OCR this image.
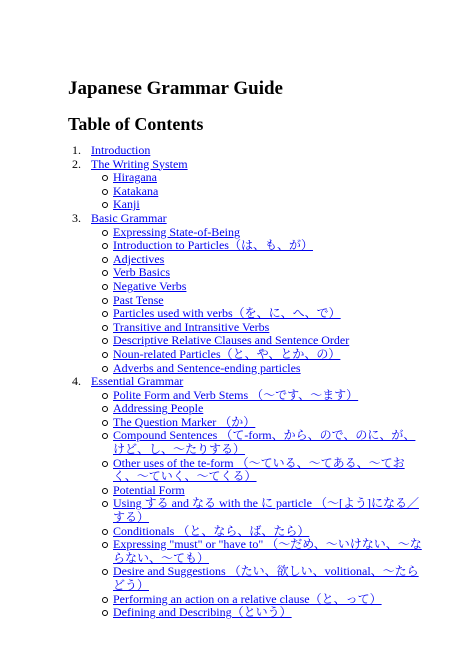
Japanese Grammar Guide
Table of Contents
1. Introduction
2. The Writing System
Hiragana
Katakana
Kanji
3. Basic Grammar
Expressing State-of-Being
Introduction to Particles（は、も、が）
Adjectives
Verb Basics
Negative Verbs
Past Tense
Particles used with verbs（を、に、へ、で）
Transitive and Intransitive Verbs
Descriptive Relative Clauses and Sentence Order
Noun-related Particles（と、や、とか、の）
Adverbs and Sentence-ending particles
4. Essential Grammar
Polite Form and Verb Stems （～です、～ます）
Addressing People
The Question Marker （か）
Compound Sentences （て-form、から、ので、のに、が、けど、し、～たりする）
Other uses of the te-form （～ている、～てある、～ておく、～ていく、～てくる）
Potential Form
Using する and なる with the に particle （～[よう]になる／する）
Conditionals （と、なら、ば、たら）
Expressing "must" or "have to" （～だめ、～いけない、～ならない、～ても）
Desire and Suggestions （たい、欲しい、volitional、～たらどう）
Performing an action on a relative clause（と、って）
Defining and Describing（という）
